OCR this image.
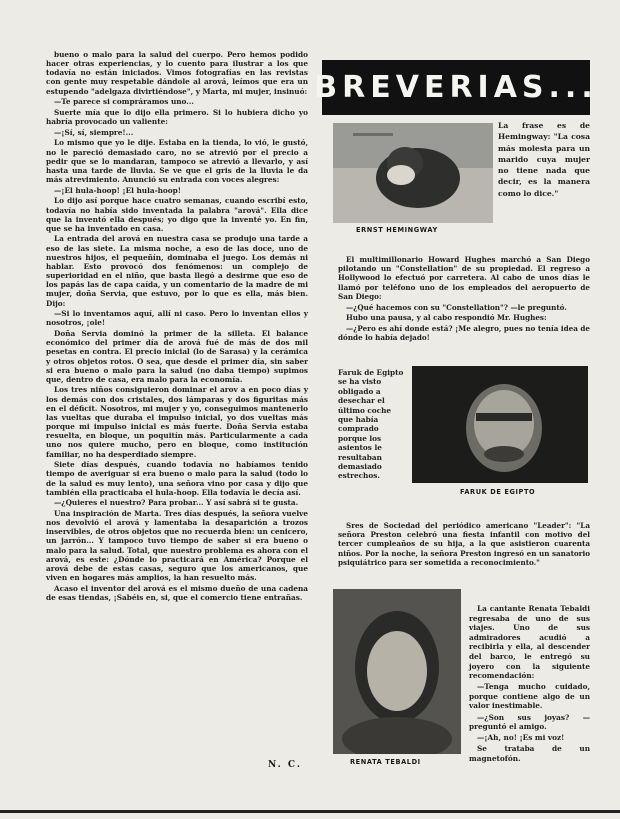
bueno o malo para la salud del cuerpo. Pero hemos podido hacer otras experiencias, y lo cuento para ilustrar a los que todavía no están iniciados. Vimos fotografías en las revistas con gente muy respetable dándole al arová, leímos que era un estupendo "adelgaza divirtiéndose", y Marta, mi mujer, insinuó:

—Te parece si compráramos uno...

Suerte mía que lo dijo ella primero. Si lo hubiera dicho yo habría provocado un valiente:

—¡Sí, sí, siempre!...

Lo mismo que yo le dije. Estaba en la tienda, lo vió, le gustó, no le pareció demasiado caro, no se atrevió por el precio a pedir que se lo mandaran, tampoco se atrevió a llevarlo, y así hasta una tarde de lluvia. Se ve que el gris de la lluvia le da más atrevimiento. Anunció su entrada con voces alegres:

—¡El hula-hoop! ¡El hula-hoop!

Lo dijo así porque hace cuatro semanas, cuando escribí esto, todavía no había sido inventada la palabra "arová". Ella dice que la inventó ella después; yo digo que la inventé yo. En fin, que se ha inventado en casa.

La entrada del arová en nuestra casa se produjo una tarde a eso de las siete. La misma noche, a eso de las doce, uno de nuestros hijos, el pequeñín, dominaba el juego. Los demás ni hablar. Esto provocó dos fenómenos: un complejo de superioridad en el niño, que basta llegó a desirme que eso de los papás las de capa caída, y un comentario de la madre de mi mujer, doña Servia, que estuvo, por lo que es ella, más bien. Dijo:

—Si lo inventamos aquí, allí ni caso. Pero lo inventan ellos y nosotros, ¡ole!

Doña Servia dominó la primer de la silleta. El balance económico del primer día de arová fué de más de dos mil pesetas en contra. El precio inicial (lo de Sarasa) y la cerámica y otros objetos rotos. O sea, que desde el primer día, sin saber si era bueno o malo para la salud (no daba tiempo) supimos que, dentro de casa, era malo para la economía.

Los tres niños consiguieron dominar el arov a en poco días y los demás con dos cristales, dos lámparas y dos figuritas más en el déficit. Nosotros, mi mujer y yo, conseguimos mantenerlo las vueltas que duraba el impulso inicial, yo dos vueltas más porque mi impulso inicial es más fuerte. Doña Servia estaba resuelta, en bloque, un poquitín más. Particularmente a cada uno nos quiere mucho, pero en bloque, como institución familiar, no ha desperdiado siempre.

Siete días después, cuando todavía no habíamos tenido tiempo de averiguar si era bueno o malo para la salud (todo lo de la salud es muy lento), una señora vino por casa y dijo que también ella practicaba el hula-hoop. Ella todavía le decía así.

—¿Quieres el nuestro? Para probar... Y así sabrá si te gusta.

Una inspiración de Marta. Tres días después, la señora vuelve nos devolvió el arová y lamentaba la desaparición a trozos inservibles, de otros objetos que no recuerda bien: un cenicero, un jarrón... Y tampoco tuvo tiempo de saber si era bueno o malo para la salud. Total, que nuestro problema es ahora con el arová, es este: ¿Dónde lo practicará en América? Porque el arová debe de estas casas, seguro que los americanos, que viven en hogares más amplios, la han resuelto más.

Acaso el inventor del arová es el mismo dueño de una cadena de esas tiendas, ¡Sabéis en, si, que el comercio tiene entrañas.

N. C.
BREVERIAS...
ERNST HEMINGWAY
La frase es de Hemingway: "La cosa más molesta para un marido cuya mujer no tiene nada que decir, es la manera como lo dice."

El multimillonario Howard Hughes marchó a San Diego pilotando un "Constellation" de su propiedad. El regreso a Hollywood lo efectuó por carretera. Al cabo de unos días le llamó por teléfono uno de los empleados del aeropuerto de San Diego:

—¿Qué hacemos con su "Constellation"? —le preguntó.

Hubo una pausa, y al cabo respondió Mr. Hughes:

—¿Pero es ahí donde está? ¡Me alegro, pues no tenía idea de dónde lo había dejado!

Faruk de Egipto se ha visto obligado a desechar el último coche que había comprado porque los asientos le resultaban demasiado estrechos.
FARUK DE EGIPTO
Sres de Sociedad del periódico americano "Leader": "La señora Preston celebró una fiesta infantil con motivo del tercer cumpleaños de su hija, a la que asistieron cuarenta niños. Por la noche, la señora Preston ingresó en un sanatorio psiquiátrico para ser sometida a reconocimiento."
RENATA TEBALDI

La cantante Renata Tebaldi regresaba de uno de sus viajes. Uno de sus admiradores acudió a recibirla y ella, al descender del barco, le entregó su joyero con la siguiente recomendación:

—Tenga mucho cuidado, porque contiene algo de un valor inestimable.

—¿Son sus joyas? —preguntó el amigo.

—¡Ah, no! ¡Es mi voz!

Se trataba de un magnetofón.
